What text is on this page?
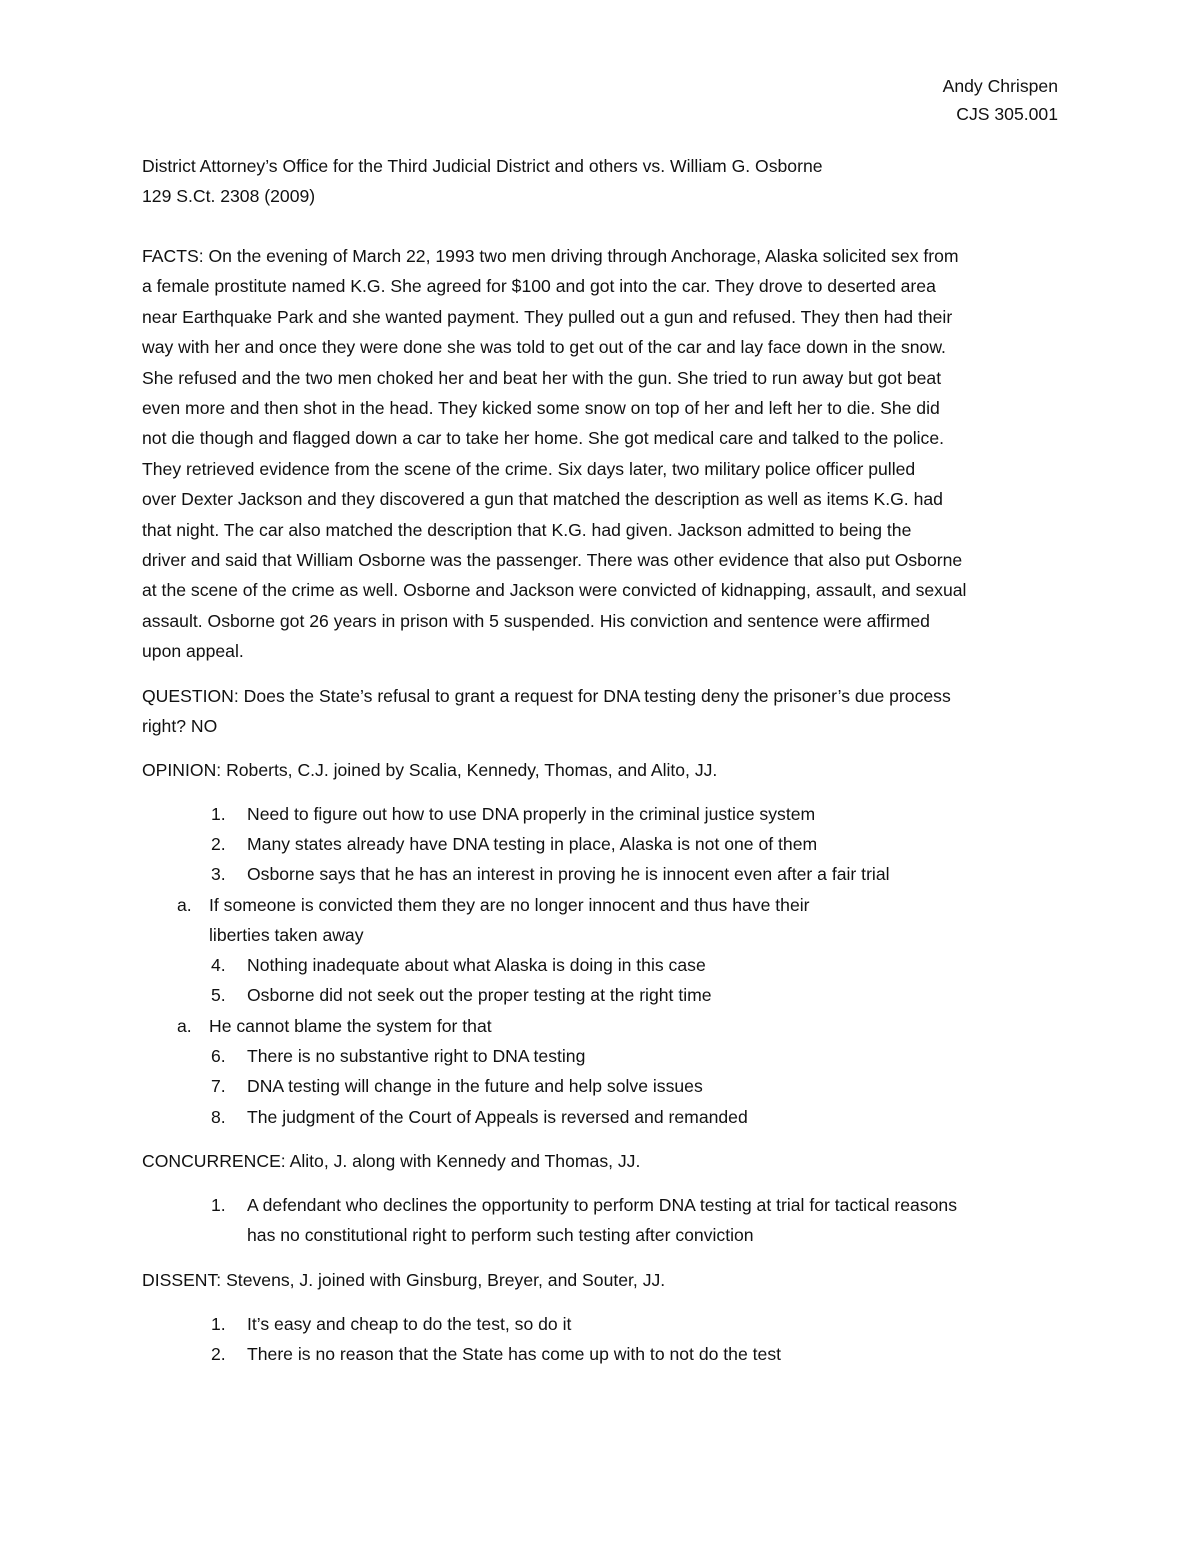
Andy Chrispen
CJS 305.001
District Attorney’s Office for the Third Judicial District and others vs. William G. Osborne
129 S.Ct. 2308 (2009)
FACTS: On the evening of March 22, 1993 two men driving through Anchorage, Alaska solicited sex from
a female prostitute named K.G. She agreed for $100 and got into the car. They drove to deserted area
near Earthquake Park and she wanted payment. They pulled out a gun and refused. They then had their
way with her and once they were done she was told to get out of the car and lay face down in the snow.
She refused and the two men choked her and beat her with the gun. She tried to run away but got beat
even more and then shot in the head. They kicked some snow on top of her and left her to die. She did
not die though and flagged down a car to take her home. She got medical care and talked to the police.
They retrieved evidence from the scene of the crime. Six days later, two military police officer pulled
over Dexter Jackson and they discovered a gun that matched the description as well as items K.G. had
that night. The car also matched the description that K.G. had given. Jackson admitted to being the
driver and said that William Osborne was the passenger. There was other evidence that also put Osborne
at the scene of the crime as well. Osborne and Jackson were convicted of kidnapping, assault, and sexual
assault. Osborne got 26 years in prison with 5 suspended. His conviction and sentence were affirmed
upon appeal.
QUESTION: Does the State’s refusal to grant a request for DNA testing deny the prisoner’s due process
right? NO
OPINION: Roberts, C.J. joined by Scalia, Kennedy, Thomas, and Alito, JJ.
1.	Need to figure out how to use DNA properly in the criminal justice system
2.	Many states already have DNA testing in place, Alaska is not one of them
3.	Osborne says that he has an interest in proving he is innocent even after a fair trial
a. If someone is convicted them they are no longer innocent and thus have their
liberties taken away
4.	Nothing inadequate about what Alaska is doing in this case
5.	Osborne did not seek out the proper testing at the right time
a. He cannot blame the system for that
6.	There is no substantive right to DNA testing
7.	DNA testing will change in the future and help solve issues
8.	The judgment of the Court of Appeals is reversed and remanded
CONCURRENCE: Alito, J. along with Kennedy and Thomas, JJ.
1.	A defendant who declines the opportunity to perform DNA testing at trial for tactical reasons
has no constitutional right to perform such testing after conviction
DISSENT: Stevens, J. joined with Ginsburg, Breyer, and Souter, JJ.
1.	It’s easy and cheap to do the test, so do it
2.	There is no reason that the State has come up with to not do the test
